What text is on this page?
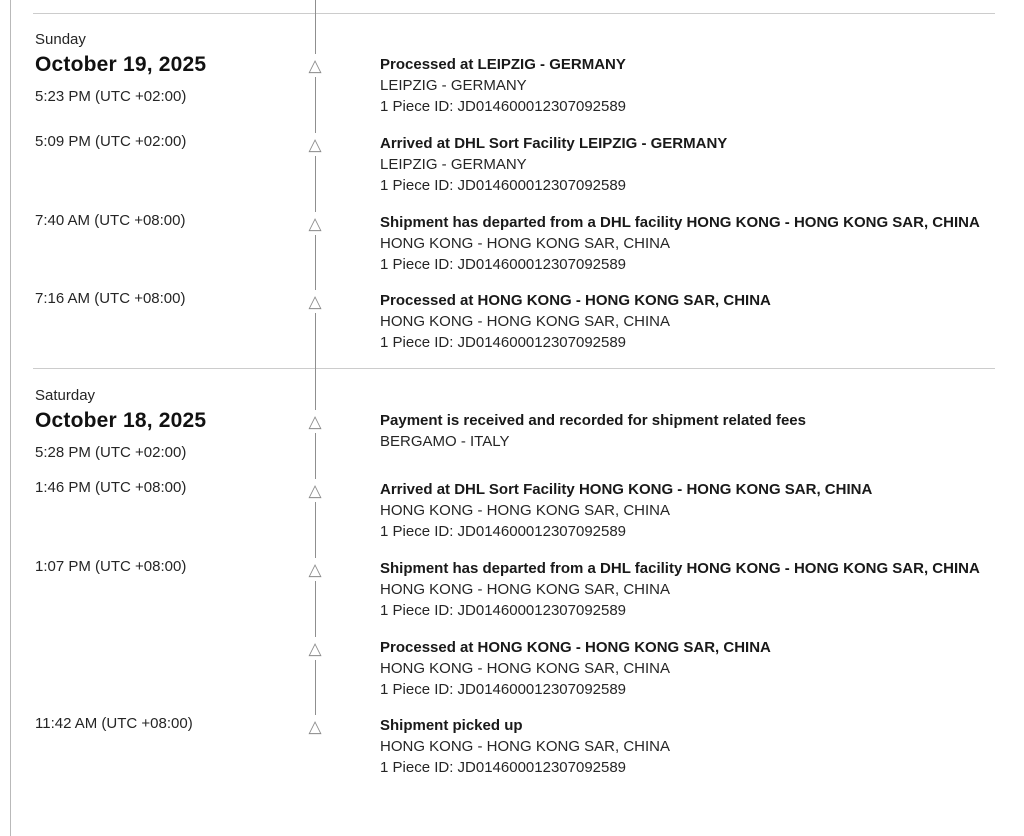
Sunday
October 19, 2025
5:23 PM (UTC +02:00)
△	Processed at LEIPZIG - GERMANY
LEIPZIG - GERMANY
1 Piece ID: JD014600012307092589
5:09 PM (UTC +02:00)	△	Arrived at DHL Sort Facility LEIPZIG - GERMANY
LEIPZIG - GERMANY
1 Piece ID: JD014600012307092589
7:40 AM (UTC +08:00)	△	Shipment has departed from a DHL facility HONG KONG - HONG KONG SAR, CHINA
HONG KONG - HONG KONG SAR, CHINA
1 Piece ID: JD014600012307092589
7:16 AM (UTC +08:00)	△	Processed at HONG KONG - HONG KONG SAR, CHINA
HONG KONG - HONG KONG SAR, CHINA
1 Piece ID: JD014600012307092589
Saturday
October 18, 2025
5:28 PM (UTC +02:00)
△	Payment is received and recorded for shipment related fees
BERGAMO - ITALY
1:46 PM (UTC +08:00)	△	Arrived at DHL Sort Facility HONG KONG - HONG KONG SAR, CHINA
HONG KONG - HONG KONG SAR, CHINA
1 Piece ID: JD014600012307092589
1:07 PM (UTC +08:00)	△	Shipment has departed from a DHL facility HONG KONG - HONG KONG SAR, CHINA
HONG KONG - HONG KONG SAR, CHINA
1 Piece ID: JD014600012307092589
△	Processed at HONG KONG - HONG KONG SAR, CHINA
HONG KONG - HONG KONG SAR, CHINA
1 Piece ID: JD014600012307092589
11:42 AM (UTC +08:00)	△	Shipment picked up
HONG KONG - HONG KONG SAR, CHINA
1 Piece ID: JD014600012307092589
